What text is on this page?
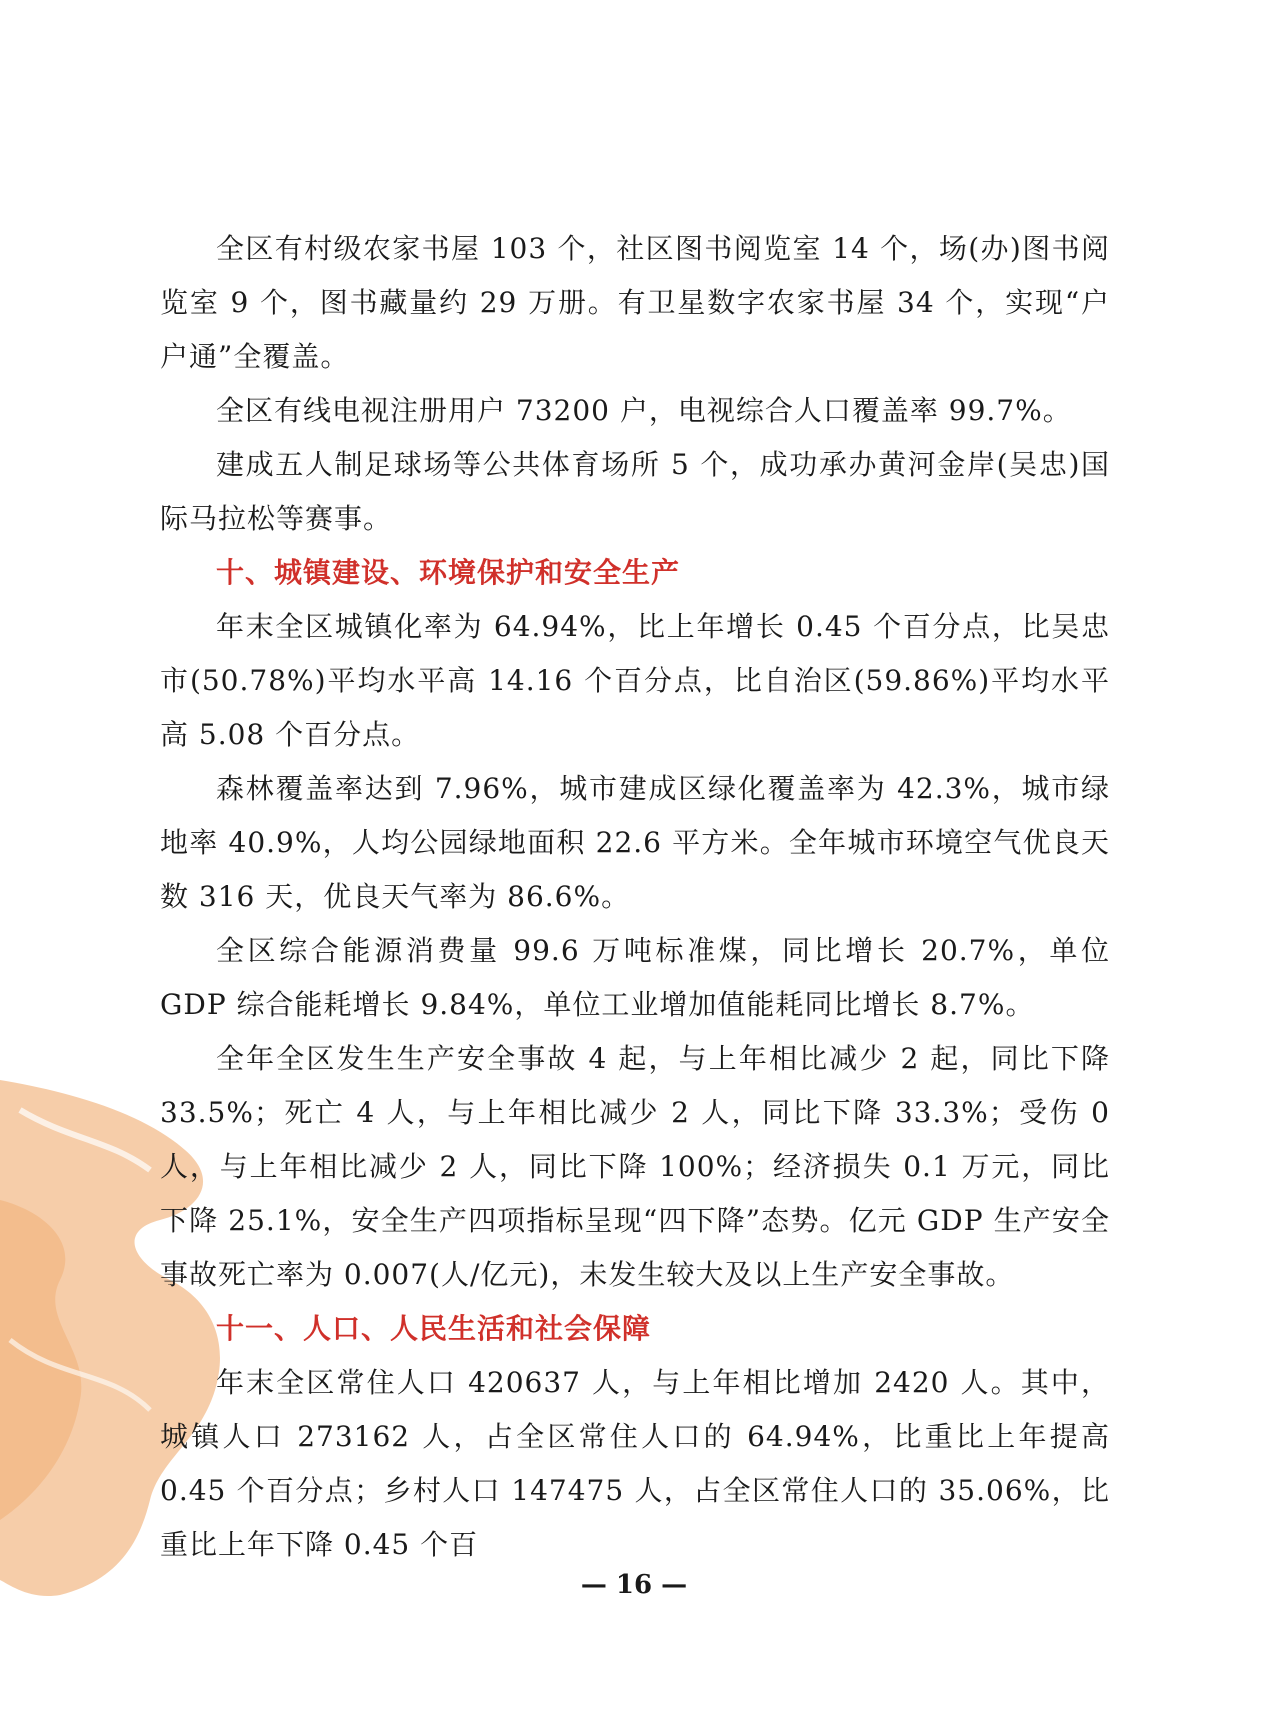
全区有村级农家书屋 103 个，社区图书阅览室 14 个，场(办)图书阅览室 9 个，图书藏量约 29 万册。有卫星数字农家书屋 34 个，实现“户户通”全覆盖。

全区有线电视注册用户 73200 户，电视综合人口覆盖率 99.7%。

建成五人制足球场等公共体育场所 5 个，成功承办黄河金岸(吴忠)国际马拉松等赛事。

十、城镇建设、环境保护和安全生产

年末全区城镇化率为 64.94%，比上年增长 0.45 个百分点，比吴忠市(50.78%)平均水平高 14.16 个百分点，比自治区(59.86%)平均水平高 5.08 个百分点。

森林覆盖率达到 7.96%，城市建成区绿化覆盖率为 42.3%，城市绿地率 40.9%，人均公园绿地面积 22.6 平方米。全年城市环境空气优良天数 316 天，优良天气率为 86.6%。

全区综合能源消费量 99.6 万吨标准煤，同比增长 20.7%，单位 GDP 综合能耗增长 9.84%，单位工业增加值能耗同比增长 8.7%。

全年全区发生生产安全事故 4 起，与上年相比减少 2 起，同比下降 33.5%；死亡 4 人，与上年相比减少 2 人，同比下降 33.3%；受伤 0 人，与上年相比减少 2 人，同比下降 100%；经济损失 0.1 万元，同比下降 25.1%，安全生产四项指标呈现“四下降”态势。亿元 GDP 生产安全事故死亡率为 0.007(人/亿元)，未发生较大及以上生产安全事故。

十一、人口、人民生活和社会保障

年末全区常住人口 420637 人，与上年相比增加 2420 人。其中，城镇人口 273162 人，占全区常住人口的 64.94%，比重比上年提高 0.45 个百分点；乡村人口 147475 人，占全区常住人口的 35.06%，比重比上年下降 0.45 个百

— 16 —
